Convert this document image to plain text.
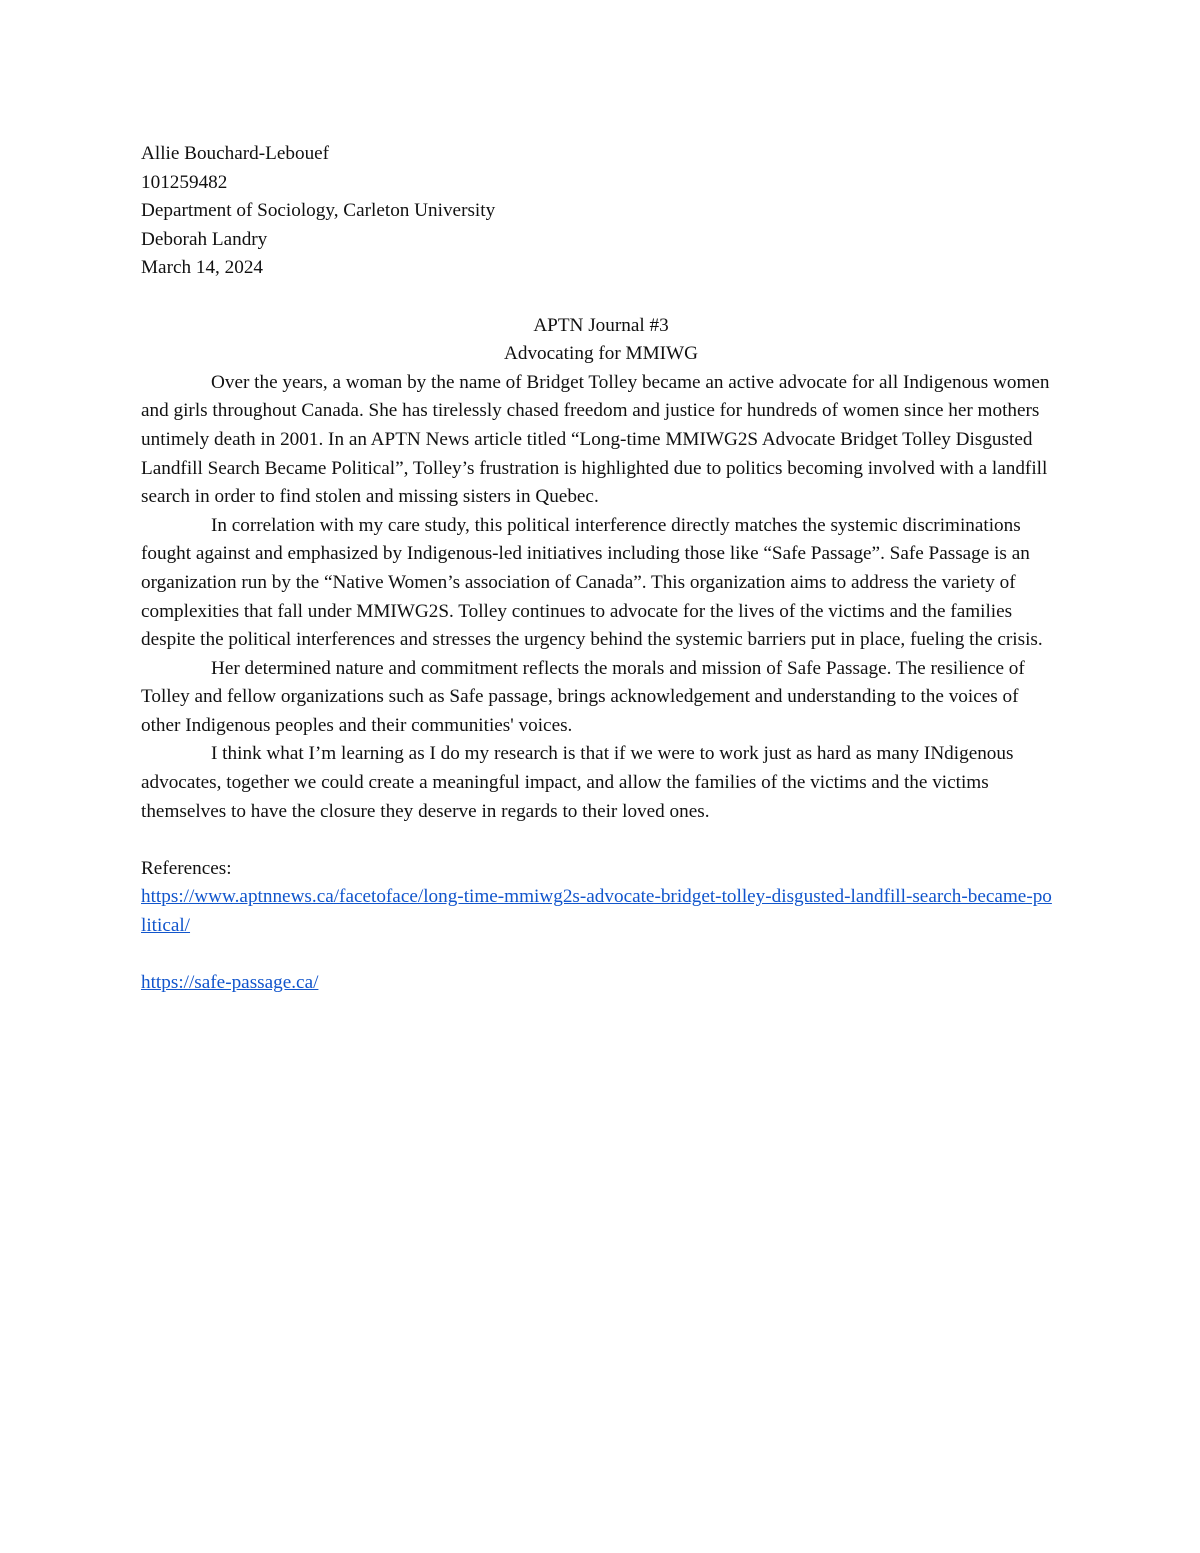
Allie Bouchard-Lebouef

101259482

Department of Sociology, Carleton University

Deborah Landry

March 14, 2024

APTN Journal #3

Advocating for MMIWG

Over the years, a woman by the name of Bridget Tolley became an active advocate for all Indigenous women and girls throughout Canada. She has tirelessly chased freedom and justice for hundreds of women since her mothers untimely death in 2001. In an APTN News article titled “Long-time MMIWG2S Advocate Bridget Tolley Disgusted Landfill Search Became Political”, Tolley’s frustration is highlighted due to politics becoming involved with a landfill search in order to find stolen and missing sisters in Quebec.

In correlation with my care study, this political interference directly matches the systemic discriminations fought against and emphasized by Indigenous-led initiatives including those like “Safe Passage”. Safe Passage is an organization run by the “Native Women’s association of Canada”. This organization aims to address the variety of complexities that fall under MMIWG2S. Tolley continues to advocate for the lives of the victims and the families despite the political interferences and stresses the urgency behind the systemic barriers put in place, fueling the crisis.

Her determined nature and commitment reflects the morals and mission of Safe Passage. The resilience of Tolley and fellow organizations such as Safe passage, brings acknowledgement and understanding to the voices of other Indigenous peoples and their communities' voices.

I think what I’m learning as I do my research is that if we were to work just as hard as many INdigenous advocates, together we could create a meaningful impact, and allow the families of the victims and the victims themselves to have the closure they deserve in regards to their loved ones.

References:

https://www.aptnnews.ca/facetoface/long-time-mmiwg2s-advocate-bridget-tolley-disgusted-landfill-search-became-political/
https://safe-passage.ca/
